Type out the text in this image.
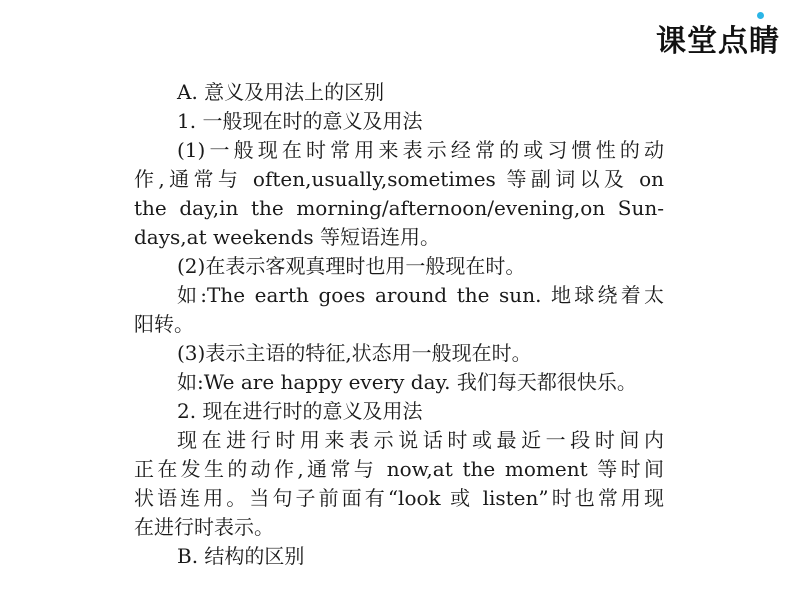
课堂点睛
A. 意义及用法上的区别
1. 一般现在时的意义及用法
(1)一般现在时常用来表示经常的或习惯性的动
作,通常与 often,usually,sometimes 等副词以及 on
the day,in the morning/afternoon/evening,on Sun-
days,at weekends 等短语连用。
(2)在表示客观真理时也用一般现在时。
如:The earth goes around the sun. 地球绕着太
阳转。
(3)表示主语的特征,状态用一般现在时。
如:We are happy every day. 我们每天都很快乐。
2. 现在进行时的意义及用法
现在进行时用来表示说话时或最近一段时间内
正在发生的动作,通常与 now,at the moment 等时间
状语连用。当句子前面有“look 或 listen”时也常用现
在进行时表示。
B. 结构的区别
